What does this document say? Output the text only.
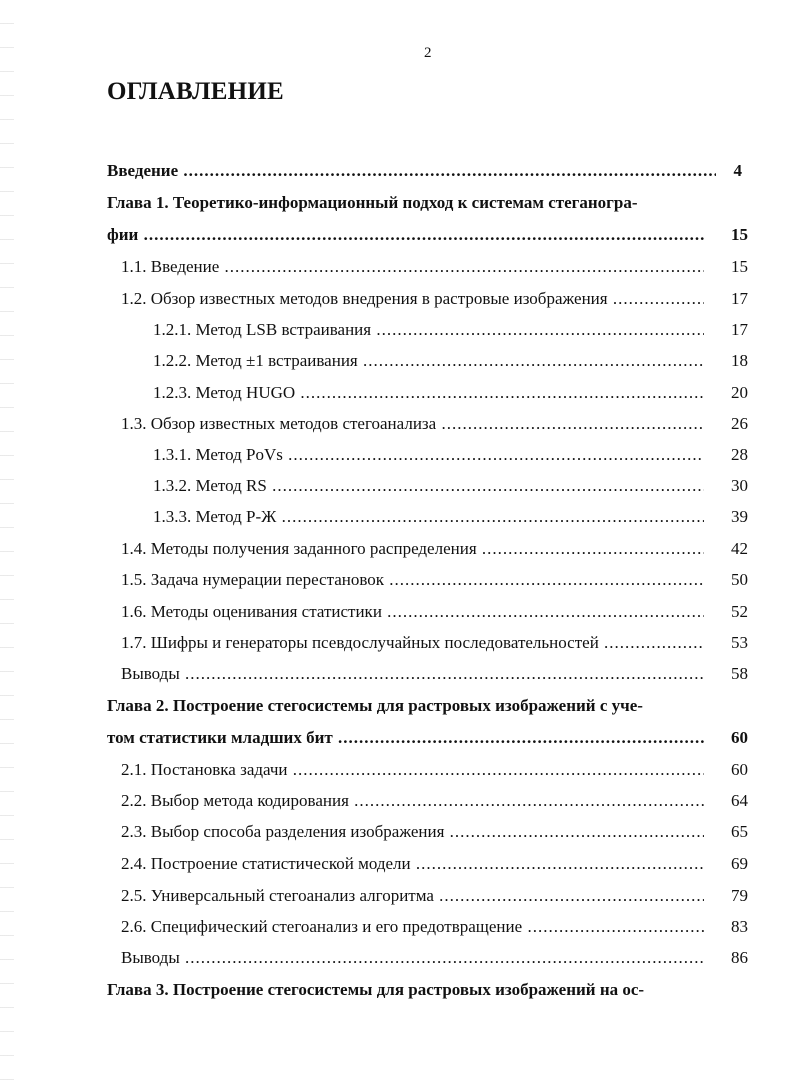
2
ОГЛАВЛЕНИЕ
Введение .....	4
Глава 1. Теоретико-информационный подход к системам стеганогра-
фии .....	15
1.1. Введение .....	15
1.2. Обзор известных методов внедрения в растровые изображения .....	17
1.2.1. Метод LSB встраивания .....	17
1.2.2. Метод ±1 встраивания .....	18
1.2.3. Метод HUGO .....	20
1.3. Обзор известных методов стегоанализа .....	26
1.3.1. Метод PoVs .....	28
1.3.2. Метод RS .....	30
1.3.3. Метод Р-Ж .....	39
1.4. Методы получения заданного распределения .....	42
1.5. Задача нумерации перестановок .....	50
1.6. Методы оценивания статистики .....	52
1.7. Шифры и генераторы псевдослучайных последовательностей .....	53
Выводы .....	58
Глава 2. Построение стегосистемы для растровых изображений с уче-
том статистики младших бит .....	60
2.1. Постановка задачи .....	60
2.2. Выбор метода кодирования .....	64
2.3. Выбор способа разделения изображения .....	65
2.4. Построение статистической модели .....	69
2.5. Универсальный стегоанализ алгоритма .....	79
2.6. Специфический стегоанализ и его предотвращение .....	83
Выводы .....	86
Глава 3. Построение стегосистемы для растровых изображений на ос-
